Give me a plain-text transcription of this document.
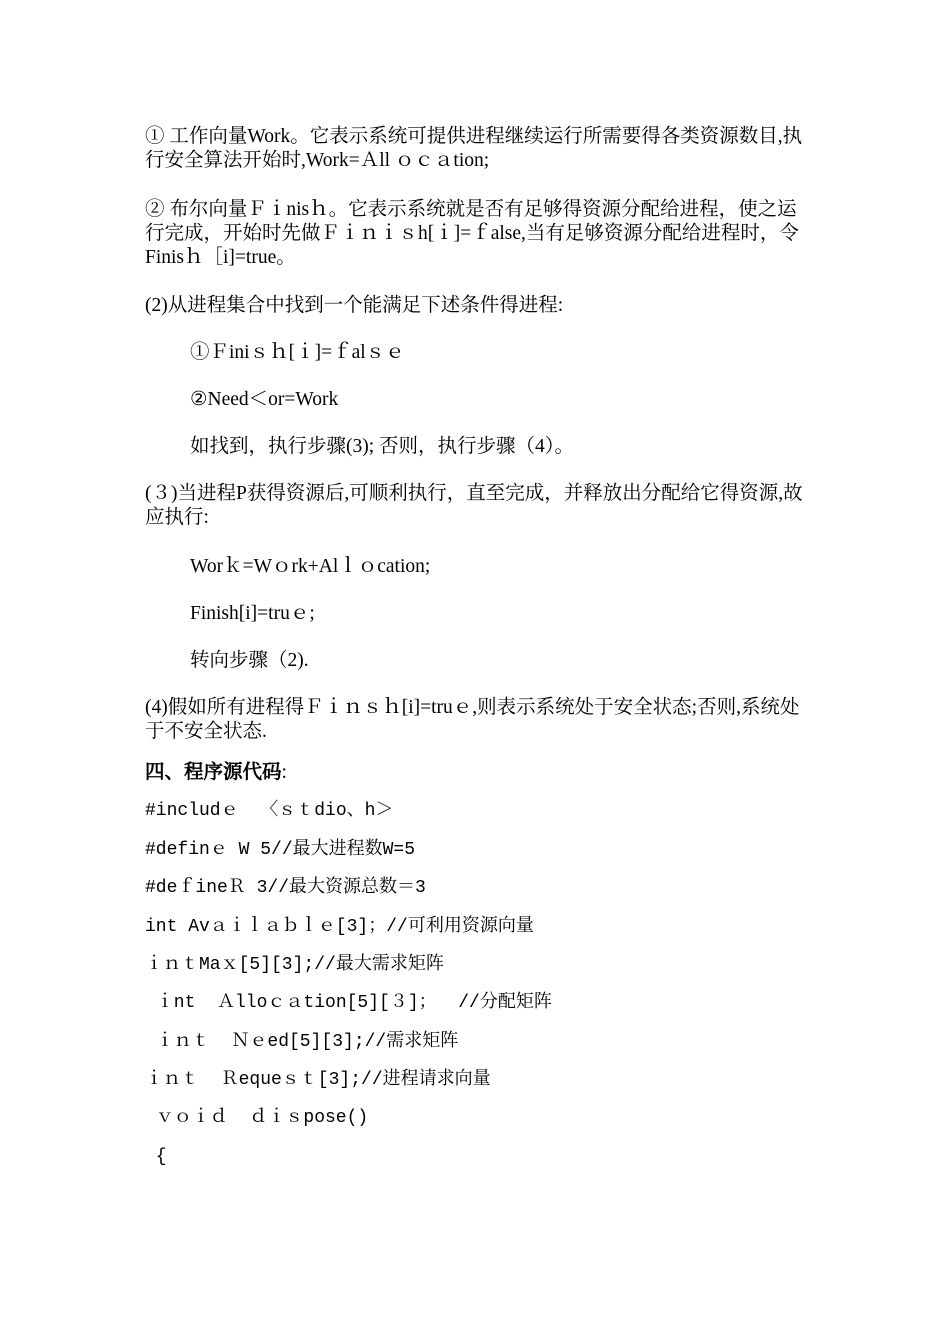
① 工作向量Work。它表示系统可提供进程继续运行所需要得各类资源数目,执行安全算法开始时,Work=Ａll ｏｃａtion;
② 布尔向量Ｆｉnisｈ。它表示系统就是否有足够得资源分配给进程，使之运行完成，开始时先做Ｆｉｎｉｓh[ｉ]=ｆalse,当有足够资源分配给进程时，令Finisｈ［i]=true。
(2)从进程集合中找到一个能满足下述条件得进程:
①Ｆiniｓｈ[ｉ]=ｆalｓｅ
②Need＜or=Work
如找到，执行步骤(3); 否则，执行步骤（4）。
(３)当进程P获得资源后,可顺利执行，直至完成，并释放出分配给它得资源,故应执行:
Worｋ=Wｏrk+Alｌｏcation;
Finish[i]=truｅ;
转向步骤（2).
(4)假如所有进程得Ｆｉｎｓｈ[i]=truｅ,则表示系统处于安全状态;否则,系统处于不安全状态.
四、程序源代码:
#includｅ  〈ｓｔdio、h＞
#definｅ W 5//最大进程数W=5
#deｆineＲ 3//最大资源总数＝3
int Avａｉｌａｂｌｅ[3]；//可利用资源向量
ｉｎｔMaｘ[5][3];//最大需求矩阵
ｉnt  Ａlloｃａtion[5][３]；  //分配矩阵
ｉｎｔ  Ｎｅed[5][3];//需求矩阵
ｉｎｔ  Ｒequeｓｔ[3];//进程请求向量
ｖｏｉｄ  ｄｉｓpose()
{
